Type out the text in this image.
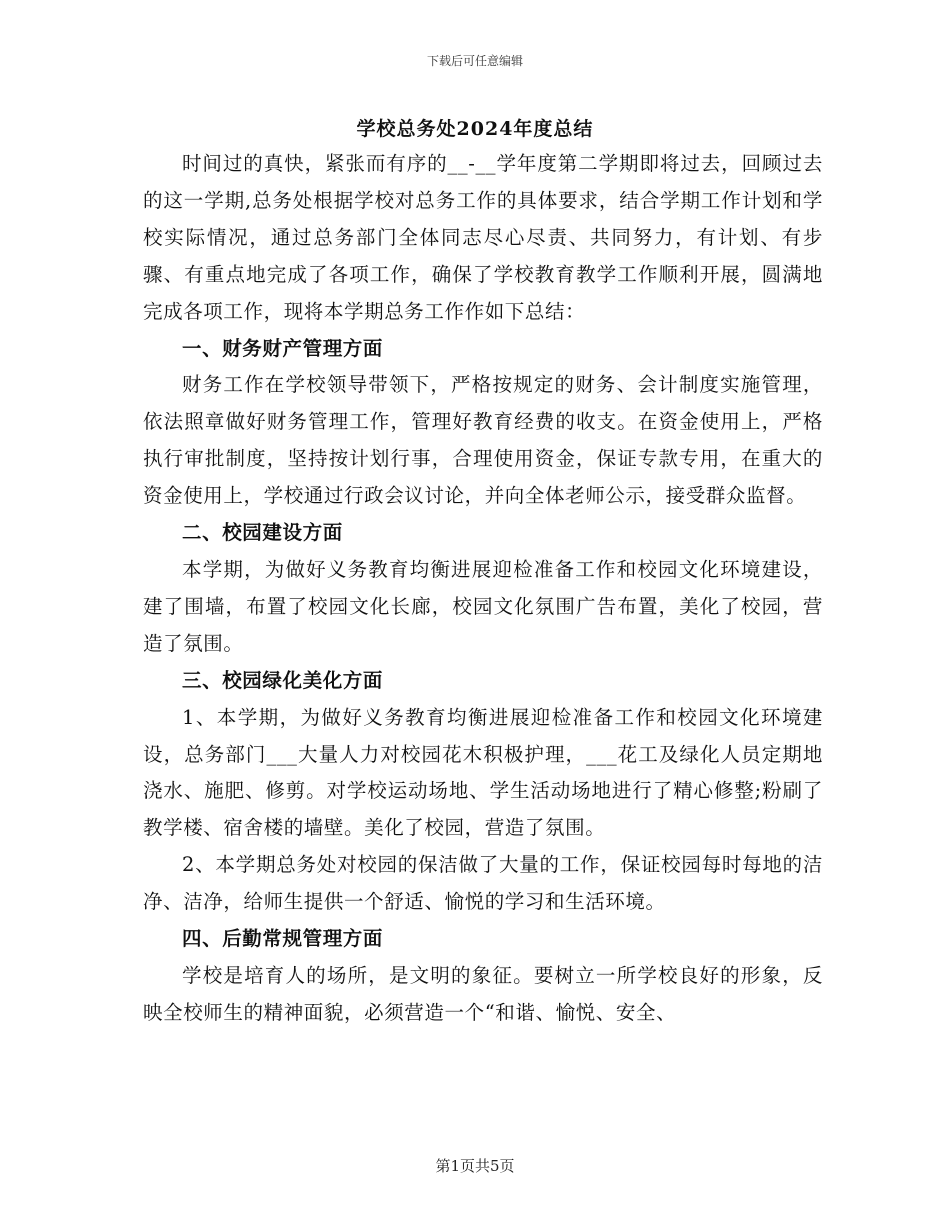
下载后可任意编辑
学校总务处2024年度总结

时间过的真快，紧张而有序的__-__学年度第二学期即将过去，回顾过去的这一学期,总务处根据学校对总务工作的具体要求，结合学期工作计划和学校实际情况，通过总务部门全体同志尽心尽责、共同努力，有计划、有步骤、有重点地完成了各项工作，确保了学校教育教学工作顺利开展，圆满地完成各项工作，现将本学期总务工作作如下总结：

一、财务财产管理方面

财务工作在学校领导带领下，严格按规定的财务、会计制度实施管理，依法照章做好财务管理工作，管理好教育经费的收支。在资金使用上，严格执行审批制度，坚持按计划行事，合理使用资金，保证专款专用，在重大的资金使用上，学校通过行政会议讨论，并向全体老师公示，接受群众监督。

二、校园建设方面

本学期，为做好义务教育均衡进展迎检准备工作和校园文化环境建设，建了围墙，布置了校园文化长廊，校园文化氛围广告布置，美化了校园，营造了氛围。

三、校园绿化美化方面

1、本学期，为做好义务教育均衡进展迎检准备工作和校园文化环境建设，总务部门___大量人力对校园花木积极护理，___花工及绿化人员定期地浇水、施肥、修剪。对学校运动场地、学生活动场地进行了精心修整;粉刷了教学楼、宿舍楼的墙壁。美化了校园，营造了氛围。

2、本学期总务处对校园的保洁做了大量的工作，保证校园每时每地的洁净、洁净，给师生提供一个舒适、愉悦的学习和生活环境。

四、后勤常规管理方面

学校是培育人的场所，是文明的象征。要树立一所学校良好的形象，反映全校师生的精神面貌，必须营造一个“和谐、愉悦、安全、

第1页共5页
